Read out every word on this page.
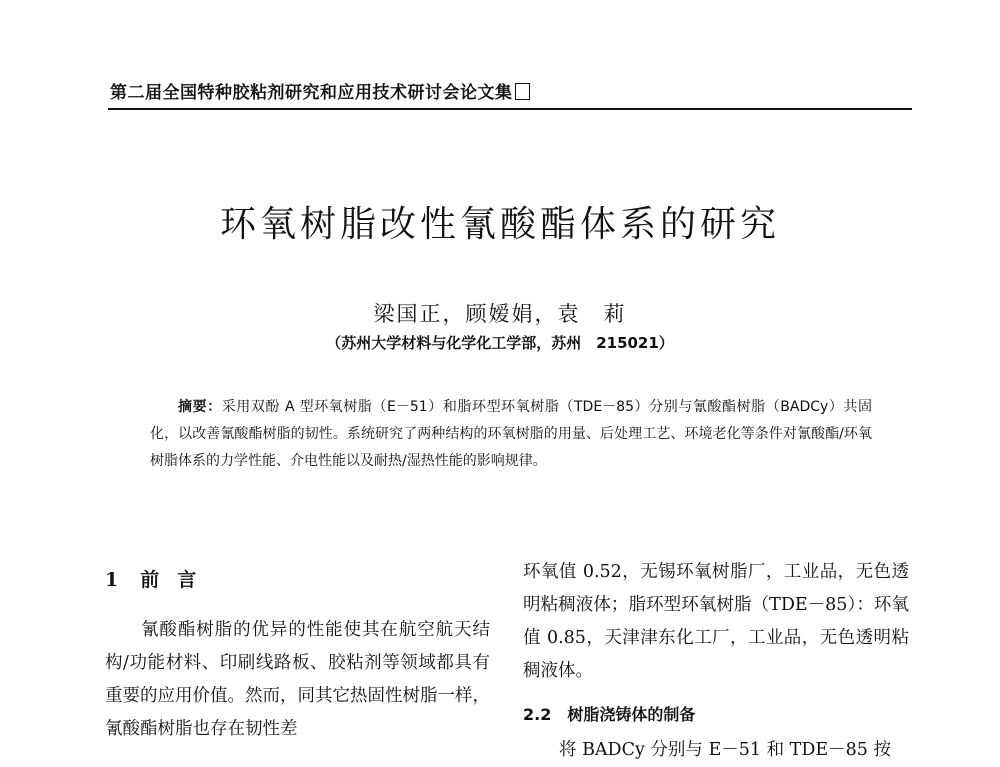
第二届全国特种胶粘剂研究和应用技术研讨会论文集
环氧树脂改性氰酸酯体系的研究
梁国正，顾嫒娟，袁　莉
（苏州大学材料与化学化工学部，苏州　215021）
摘要：采用双酚 A 型环氧树脂（E－51）和脂环型环氧树脂（TDE－85）分别与氰酸酯树脂（BADCy）共固化，以改善氰酸酯树脂的韧性。系统研究了两种结构的环氧树脂的用量、后处理工艺、环境老化等条件对氰酸酯/环氧树脂体系的力学性能、介电性能以及耐热/湿热性能的影响规律。
1 前言

氰酸酯树脂的优异的性能使其在航空航天结构/功能材料、印刷线路板、胶粘剂等领域都具有重要的应用价值。然而，同其它热固性树脂一样，氰酸酯树脂也存在韧性差

环氧值 0.52，无锡环氧树脂厂，工业品，无色透明粘稠液体；脂环型环氧树脂（TDE－85）：环氧值 0.85，天津津东化工厂，工业品，无色透明粘稠液体。

2.2 树脂浇铸体的制备

将 BADCy 分别与 E－51 和 TDE－85 按
